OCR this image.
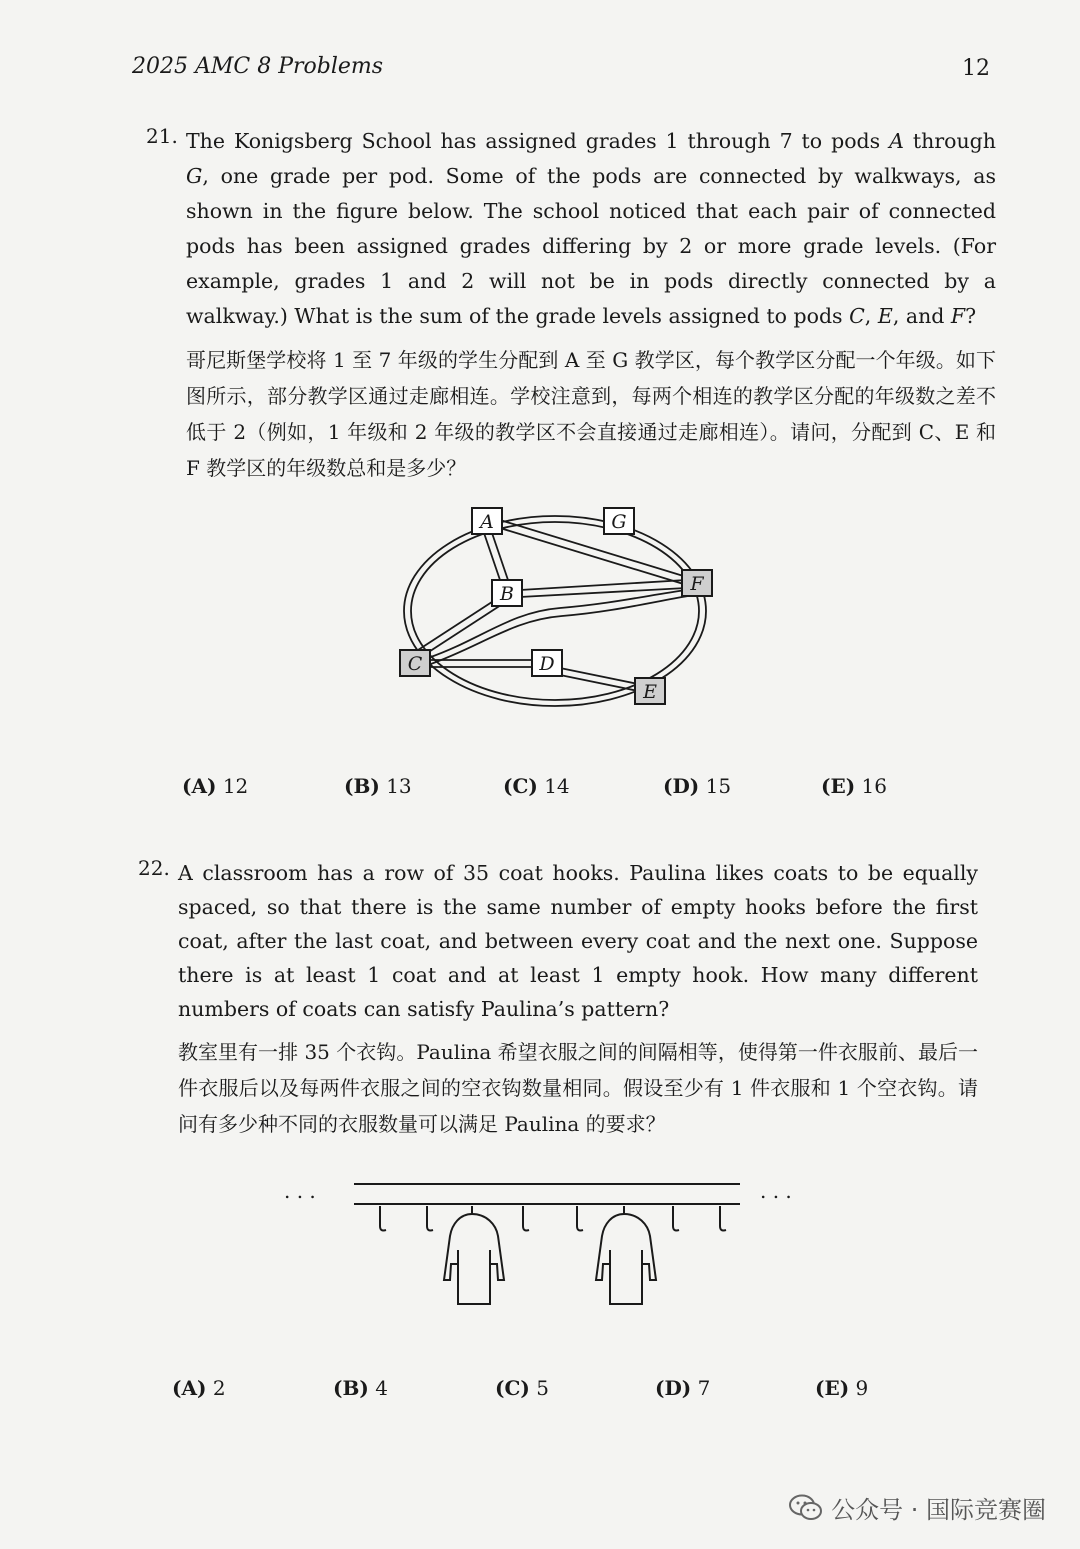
2025 AMC 8 Problems	12
21. The Konigsberg School has assigned grades 1 through 7 to pods A through G, one grade per pod. Some of the pods are connected by walkways, as shown in the figure below. The school noticed that each pair of connected pods has been assigned grades differing by 2 or more grade levels. (For example, grades 1 and 2 will not be in pods directly connected by a walkway.) What is the sum of the grade levels assigned to pods C, E, and F?
哥尼斯堡学校将 1 至 7 年级的学生分配到 A 至 G 教学区，每个教学区分配一个年级。如下图所示，部分教学区通过走廊相连。学校注意到，每两个相连的教学区分配的年级数之差不低于 2（例如，1 年级和 2 年级的教学区不会直接通过走廊相连）。请问，分配到 C、E 和 F 教学区的年级数总和是多少？
A	G
B	F
C	D
E
(A) 12	(B) 13	(C) 14	(D) 15	(E) 16
22. A classroom has a row of 35 coat hooks. Paulina likes coats to be equally spaced, so that there is the same number of empty hooks before the first coat, after the last coat, and between every coat and the next one. Suppose there is at least 1 coat and at least 1 empty hook. How many different numbers of coats can satisfy Paulina’s pattern?
教室里有一排 35 个衣钩。Paulina 希望衣服之间的间隔相等，使得第一件衣服前、最后一件衣服后以及每两件衣服之间的空衣钩数量相同。假设至少有 1 件衣服和 1 个空衣钩。请问有多少种不同的衣服数量可以满足 Paulina 的要求？
. . .	. . .
(A) 2	(B) 4	(C) 5	(D) 7	(E) 9
公众号 · 国际竞赛圈
